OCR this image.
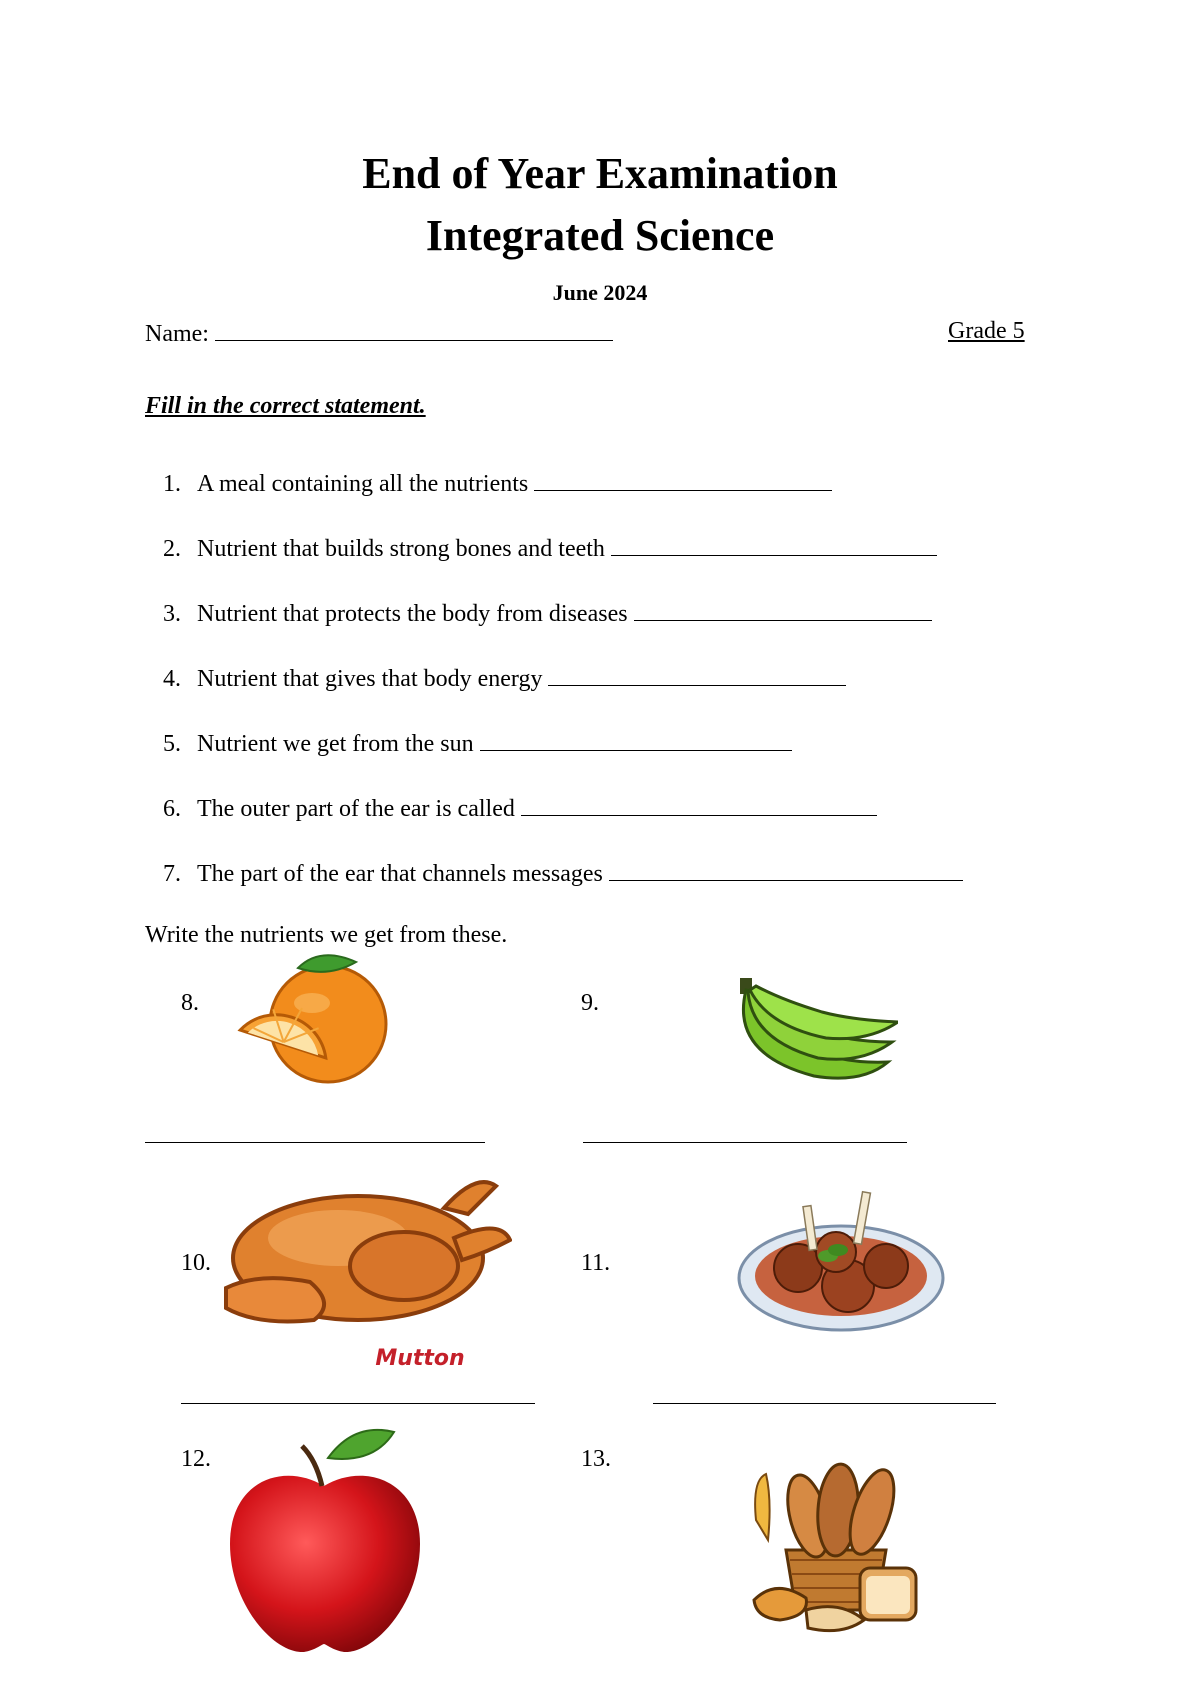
End of Year Examination
Integrated Science
June 2024
Name:	Grade 5
Fill in the correct statement.
1. A meal containing all the nutrients
2. Nutrient that builds strong bones and teeth
3. Nutrient that protects the body from diseases
4. Nutrient that gives that body energy
5. Nutrient we get from the sun
6. The outer part of the ear is called
7. The part of the ear that channels messages
Write the nutrients we get from these.
8.	9.
10.	11.
Mutton
12.	13.
